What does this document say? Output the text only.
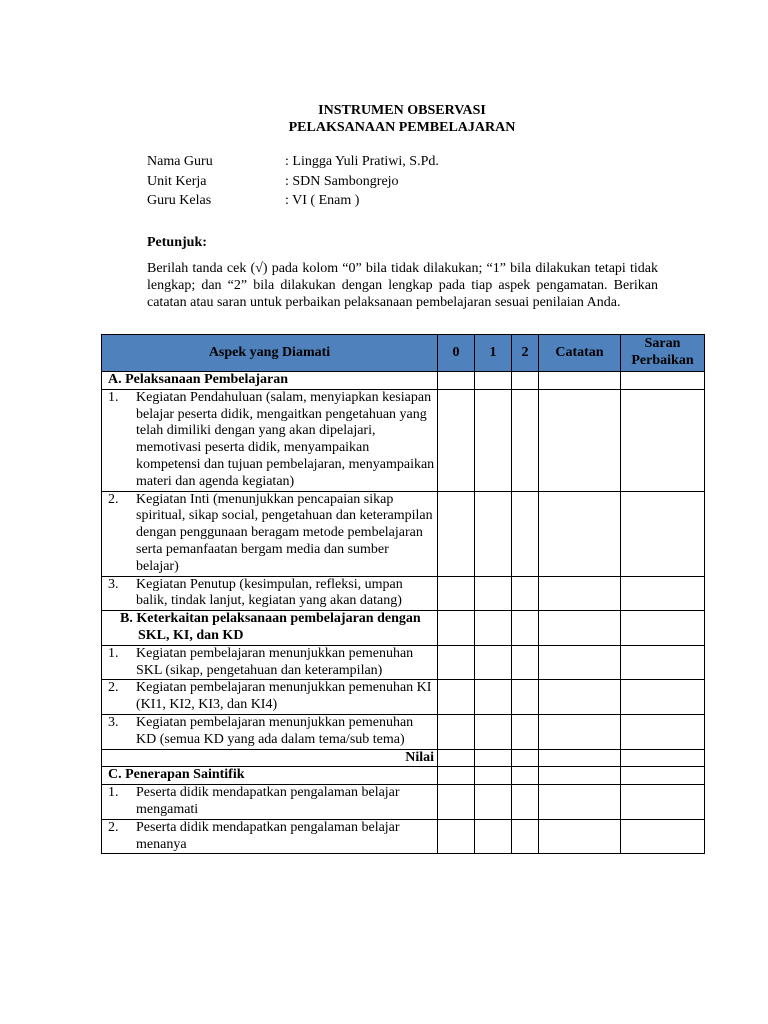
INSTRUMEN OBSERVASI
PELAKSANAAN PEMBELAJARAN
Nama Guru	: Lingga Yuli Pratiwi, S.Pd.
Unit Kerja	: SDN Sambongrejo
Guru Kelas	: VI ( Enam )
Petunjuk:
Berilah tanda cek (√) pada kolom “0” bila tidak dilakukan; “1” bila dilakukan tetapi tidak lengkap; dan “2” bila dilakukan dengan lengkap pada tiap aspek pengamatan. Berikan catatan atau saran untuk perbaikan pelaksanaan pembelajaran sesuai penilaian Anda.
Aspek yang Diamati	0	1	2	Catatan	Saran Perbaikan
A. Pelaksanaan Pembelajaran					

1. Kegiatan Pendahuluan (salam, menyiapkan kesiapan belajar peserta didik, mengaitkan pengetahuan yang telah dimiliki dengan yang akan dipelajari, memotivasi peserta didik, menyampaikan kompetensi dan tujuan pembelajaran, menyampaikan materi dan agenda kegiatan)					

2. Kegiatan Inti (menunjukkan pencapaian sikap spiritual, sikap social, pengetahuan dan keterampilan dengan penggunaan beragam metode pembelajaran serta pemanfaatan bergam media dan sumber belajar)					

3. Kegiatan Penutup (kesimpulan, refleksi, umpan balik, tindak lanjut, kegiatan yang akan datang)					

B. Keterkaitan pelaksanaan pembelajaran dengan SKL, KI, dan KD					

1. Kegiatan pembelajaran menunjukkan pemenuhan SKL (sikap, pengetahuan dan keterampilan)					

2. Kegiatan pembelajaran menunjukkan pemenuhan KI (KI1, KI2, KI3, dan KI4)					

3. Kegiatan pembelajaran menunjukkan pemenuhan KD (semua KD yang ada dalam tema/sub tema)					

Nilai					
C. Penerapan Saintifik					

1. Peserta didik mendapatkan pengalaman belajar mengamati					

2. Peserta didik mendapatkan pengalaman belajar menanya					
